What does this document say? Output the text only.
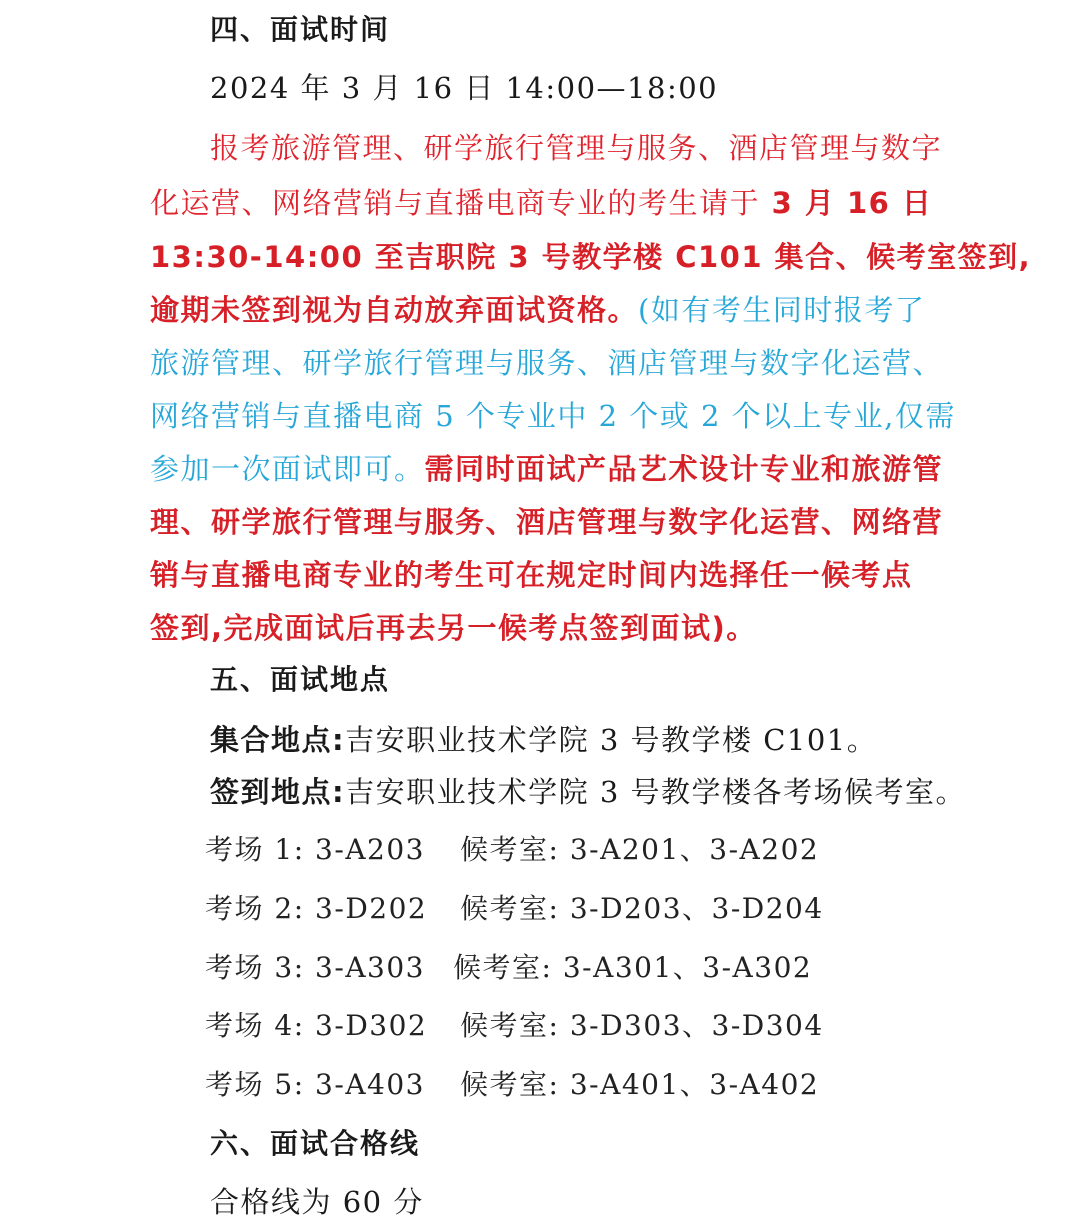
四、面试时间
2024 年 3 月 16 日 14:00—18:00
报考旅游管理、研学旅行管理与服务、酒店管理与数字
化运营、网络营销与直播电商专业的考生请于 3 月 16 日
13:30-14:00 至吉职院 3 号教学楼 C101 集合、候考室签到,
逾期未签到视为自动放弃面试资格。(如有考生同时报考了
旅游管理、研学旅行管理与服务、酒店管理与数字化运营、
网络营销与直播电商 5 个专业中 2 个或 2 个以上专业,仅需
参加一次面试即可。需同时面试产品艺术设计专业和旅游管
理、研学旅行管理与服务、酒店管理与数字化运营、网络营
销与直播电商专业的考生可在规定时间内选择任一候考点
签到,完成面试后再去另一候考点签到面试)。
五、面试地点
集合地点:吉安职业技术学院 3 号教学楼 C101。
签到地点:吉安职业技术学院 3 号教学楼各考场候考室。
考场 1: 3-A203 候考室: 3-A201、3-A202
考场 2: 3-D202 候考室: 3-D203、3-D204
考场 3: 3-A303 候考室: 3-A301、3-A302
考场 4: 3-D302 候考室: 3-D303、3-D304
考场 5: 3-A403 候考室: 3-A401、3-A402
六、面试合格线
合格线为 60 分
